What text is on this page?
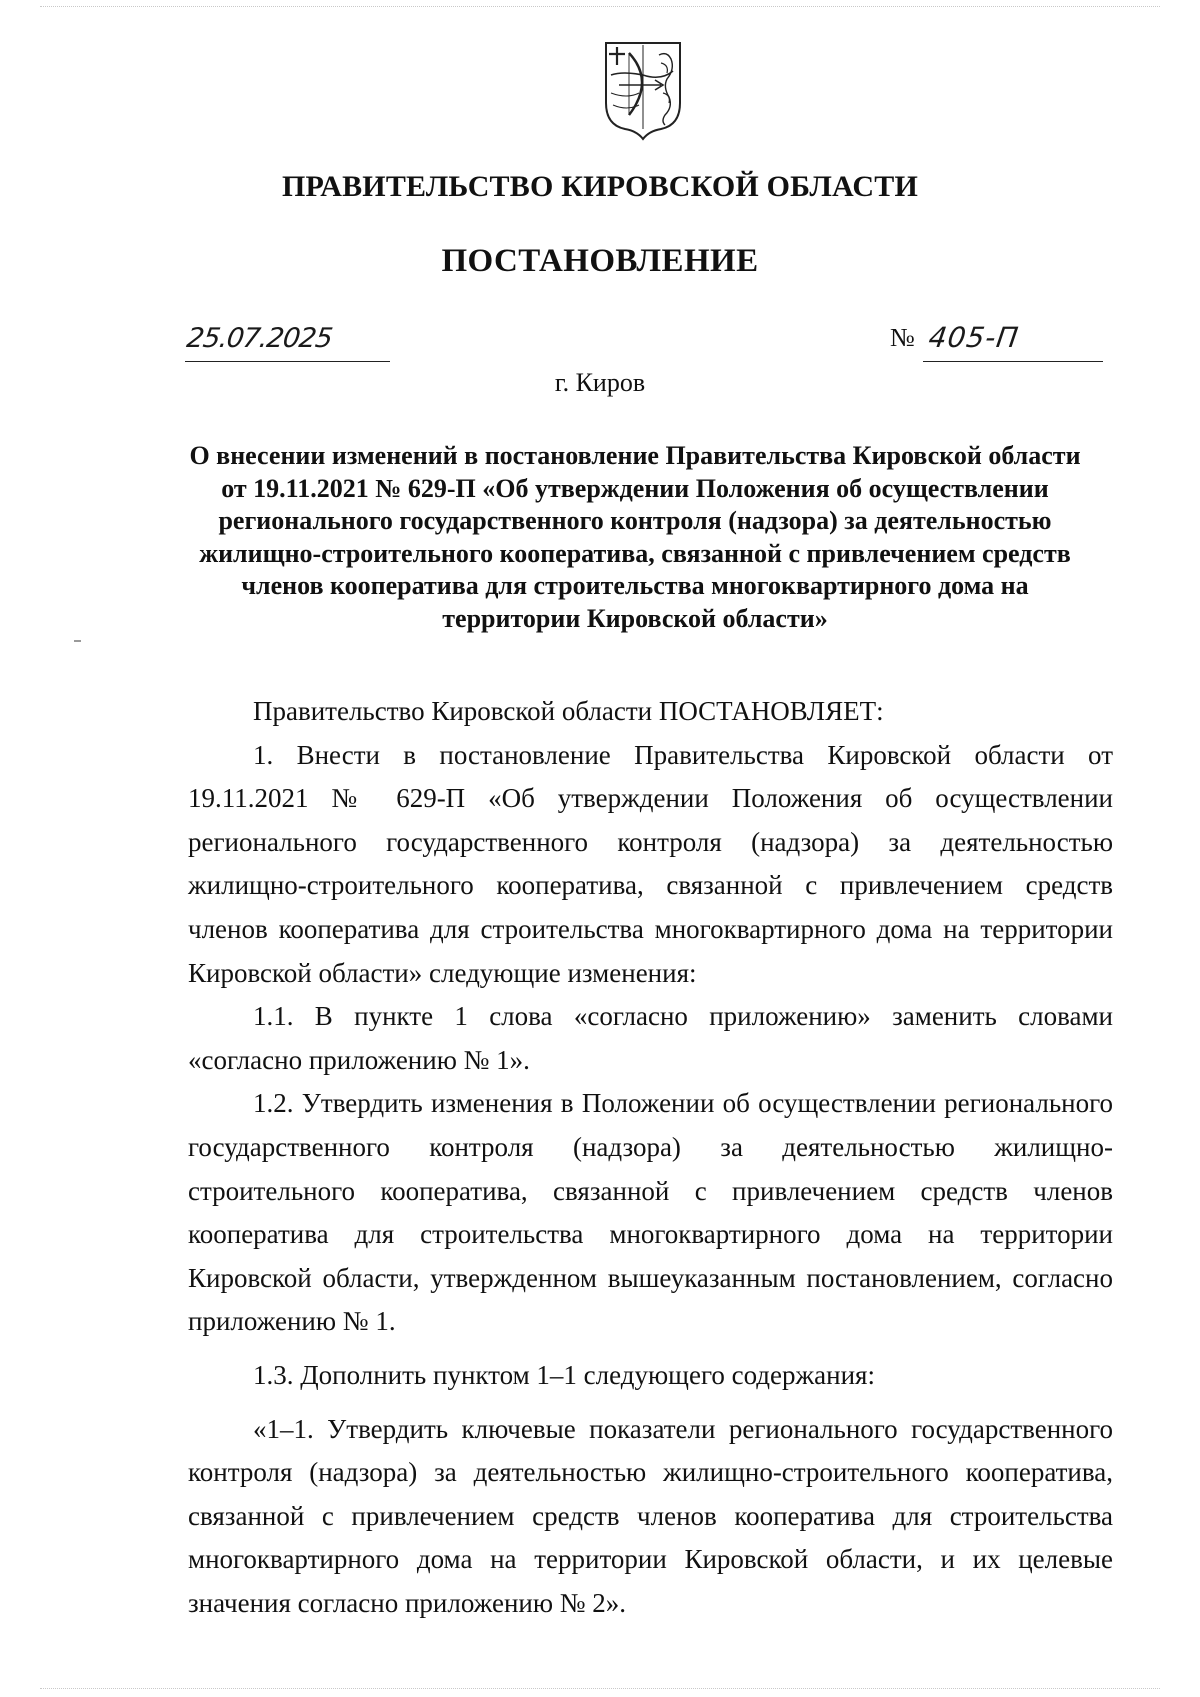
ПРАВИТЕЛЬСТВО КИРОВСКОЙ ОБЛАСТИ
ПОСТАНОВЛЕНИЕ
25.07.2025	№ 405-П
г. Киров
О внесении изменений в постановление Правительства Кировской области от 19.11.2021 № 629-П «Об утверждении Положения об осуществлении регионального государственного контроля (надзора) за деятельностью жилищно-строительного кооператива, связанной с привлечением средств членов кооператива для строительства многоквартирного дома на территории Кировской области»

Правительство Кировской области ПОСТАНОВЛЯЕТ:

1. Внести в постановление Правительства Кировской области от 19.11.2021 № 629-П «Об утверждении Положения об осуществлении регионального государственного контроля (надзора) за деятельностью жилищно-строительного кооператива, связанной с привлечением средств членов кооператива для строительства многоквартирного дома на территории Кировской области» следующие изменения:

1.1. В пункте 1 слова «согласно приложению» заменить словами «согласно приложению № 1».

1.2. Утвердить изменения в Положении об осуществлении регионального государственного контроля (надзора) за деятельностью жилищно-строительного кооператива, связанной с привлечением средств членов кооператива для строительства многоквартирного дома на территории Кировской области, утвержденном вышеуказанным постановлением, согласно приложению № 1.

1.3. Дополнить пунктом 1–1 следующего содержания:

«1–1. Утвердить ключевые показатели регионального государственного контроля (надзора) за деятельностью жилищно-строительного кооператива, связанной с привлечением средств членов кооператива для строительства многоквартирного дома на территории Кировской области, и их целевые значения согласно приложению № 2».
